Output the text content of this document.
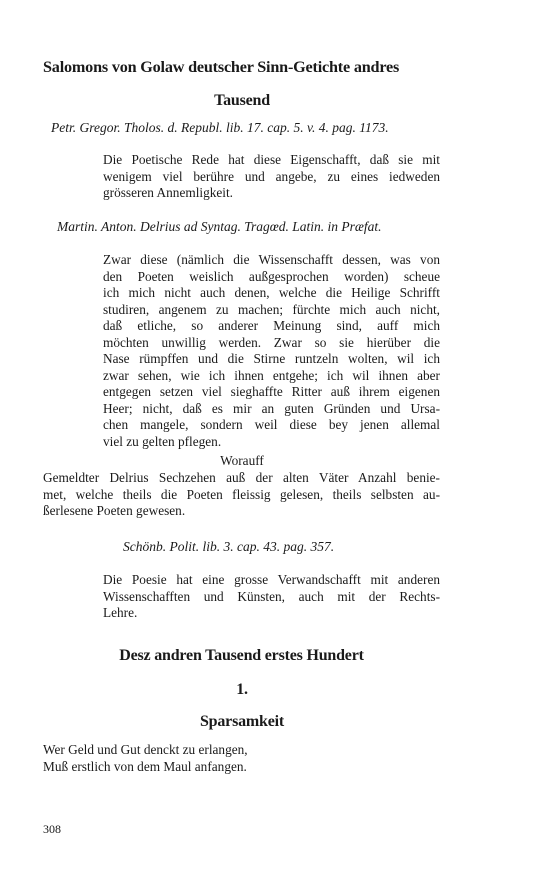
Salomons von Golaw deutscher Sinn-Getichte andres
Tausend

Petr. Gregor. Tholos. d. Republ. lib. 17. cap. 5. v. 4. pag. 1173.

Die Poetische Rede hat diese Eigenschafft, daß sie mit
wenigem viel berühre und angebe, zu eines iedweden
grösseren Annemligkeit.

Martin. Anton. Delrius ad Syntag. Tragœd. Latin. in Præfat.

Zwar diese (nämlich die Wissenschafft dessen, was von
den Poeten weislich außgesprochen worden) scheue
ich mich nicht auch denen, welche die Heilige Schrifft
studiren, angenem zu machen; fürchte mich auch nicht,
daß etliche, so anderer Meinung sind, auff mich
möchten unwillig werden. Zwar so sie hierüber die
Nase rümpffen und die Stirne runtzeln wolten, wil ich
zwar sehen, wie ich ihnen entgehe; ich wil ihnen aber
entgegen setzen viel sieghaffte Ritter auß ihrem eigenen
Heer; nicht, daß es mir an guten Gründen und Ursa-
chen mangele, sondern weil diese bey jenen allemal
viel zu gelten pflegen.

Worauff

Gemeldter Delrius Sechzehen auß der alten Väter Anzahl benie-
met, welche theils die Poeten fleissig gelesen, theils selbsten au-
ßerlesene Poeten gewesen.

Schönb. Polit. lib. 3. cap. 43. pag. 357.

Die Poesie hat eine grosse Verwandschafft mit anderen
Wissenschafften und Künsten, auch mit der Rechts-
Lehre.
Desz andren Tausend erstes Hundert
1.
Sparsamkeit
Wer Geld und Gut denckt zu erlangen,
Muß erstlich von dem Maul anfangen.

308
